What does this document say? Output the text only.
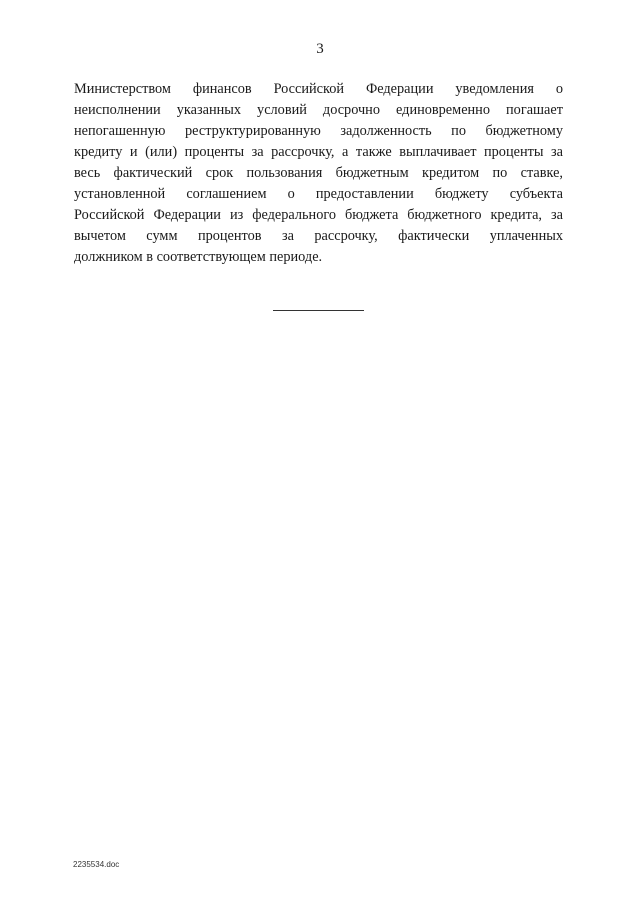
3
Министерством финансов Российской Федерации уведомления о
неисполнении указанных условий досрочно единовременно погашает
непогашенную реструктурированную задолженность по бюджетному
кредиту и (или) проценты за рассрочку, а также выплачивает проценты за
весь фактический срок пользования бюджетным кредитом по ставке,
установленной соглашением о предоставлении бюджету субъекта
Российской Федерации из федерального бюджета бюджетного кредита, за
вычетом сумм процентов за рассрочку, фактически уплаченных
должником в соответствующем периоде.
2235534.doc
